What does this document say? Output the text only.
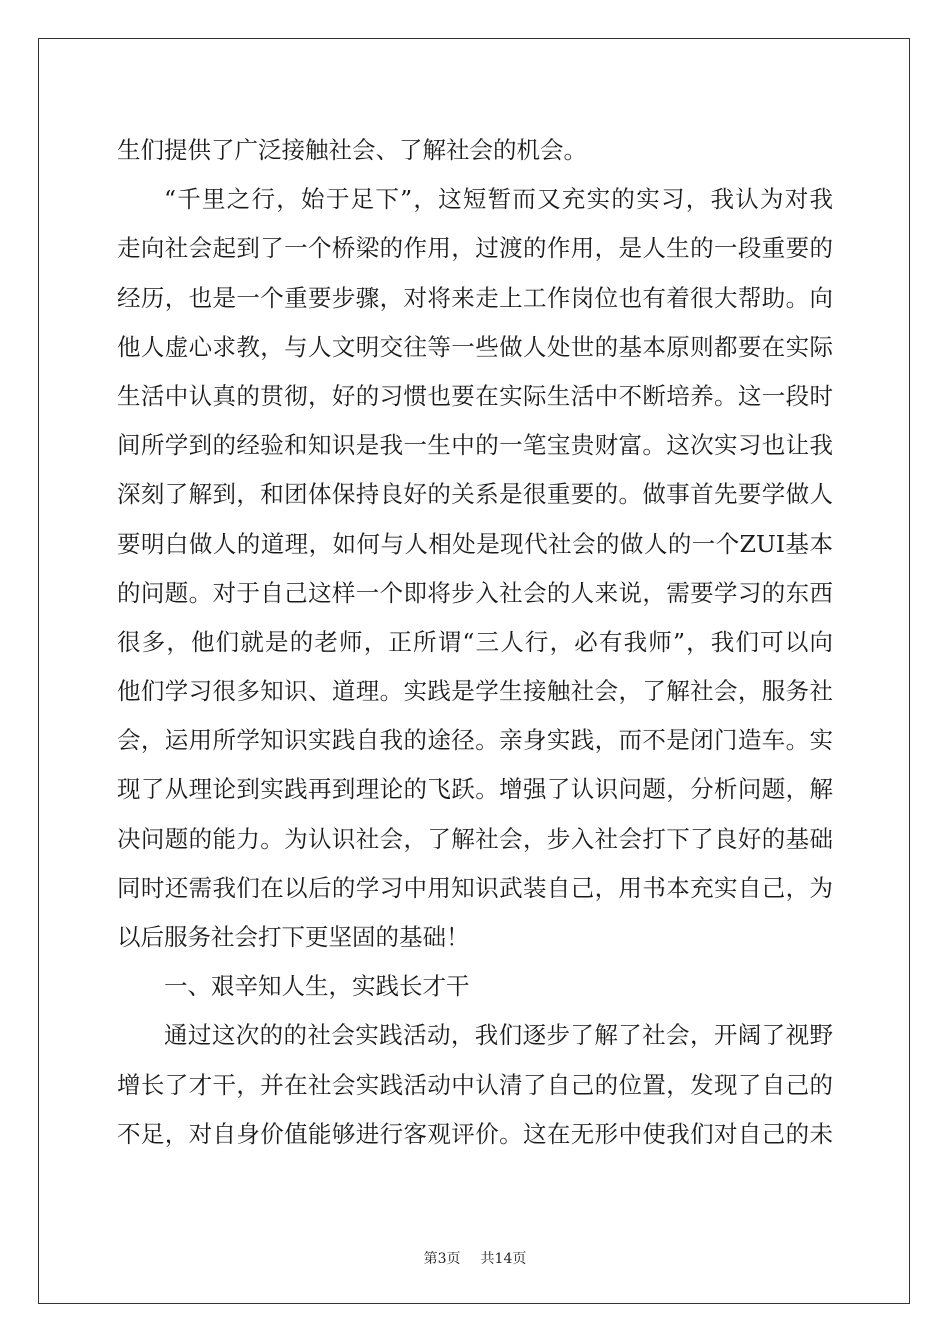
生们提供了广泛接触社会、了解社会的机会。
“千里之行，始于足下”，这短暂而又充实的实习，我认为对我
走向社会起到了一个桥梁的作用，过渡的作用，是人生的一段重要的
经历，也是一个重要步骤，对将来走上工作岗位也有着很大帮助。向
他人虚心求教，与人文明交往等一些做人处世的基本原则都要在实际
生活中认真的贯彻，好的习惯也要在实际生活中不断培养。这一段时
间所学到的经验和知识是我一生中的一笔宝贵财富。这次实习也让我
深刻了解到，和团体保持良好的关系是很重要的。做事首先要学做人
要明白做人的道理，如何与人相处是现代社会的做人的一个ZUI基本
的问题。对于自己这样一个即将步入社会的人来说，需要学习的东西
很多，他们就是的老师，正所谓“三人行，必有我师”，我们可以向
他们学习很多知识、道理。实践是学生接触社会，了解社会，服务社
会，运用所学知识实践自我的途径。亲身实践，而不是闭门造车。实
现了从理论到实践再到理论的飞跃。增强了认识问题，分析问题，解
决问题的能力。为认识社会，了解社会，步入社会打下了良好的基础
同时还需我们在以后的学习中用知识武装自己，用书本充实自己，为
以后服务社会打下更坚固的基础！
一、艰辛知人生，实践长才干
通过这次的的社会实践活动，我们逐步了解了社会，开阔了视野
增长了才干，并在社会实践活动中认清了自己的位置，发现了自己的
不足，对自身价值能够进行客观评价。这在无形中使我们对自己的未
第3页 共14页
